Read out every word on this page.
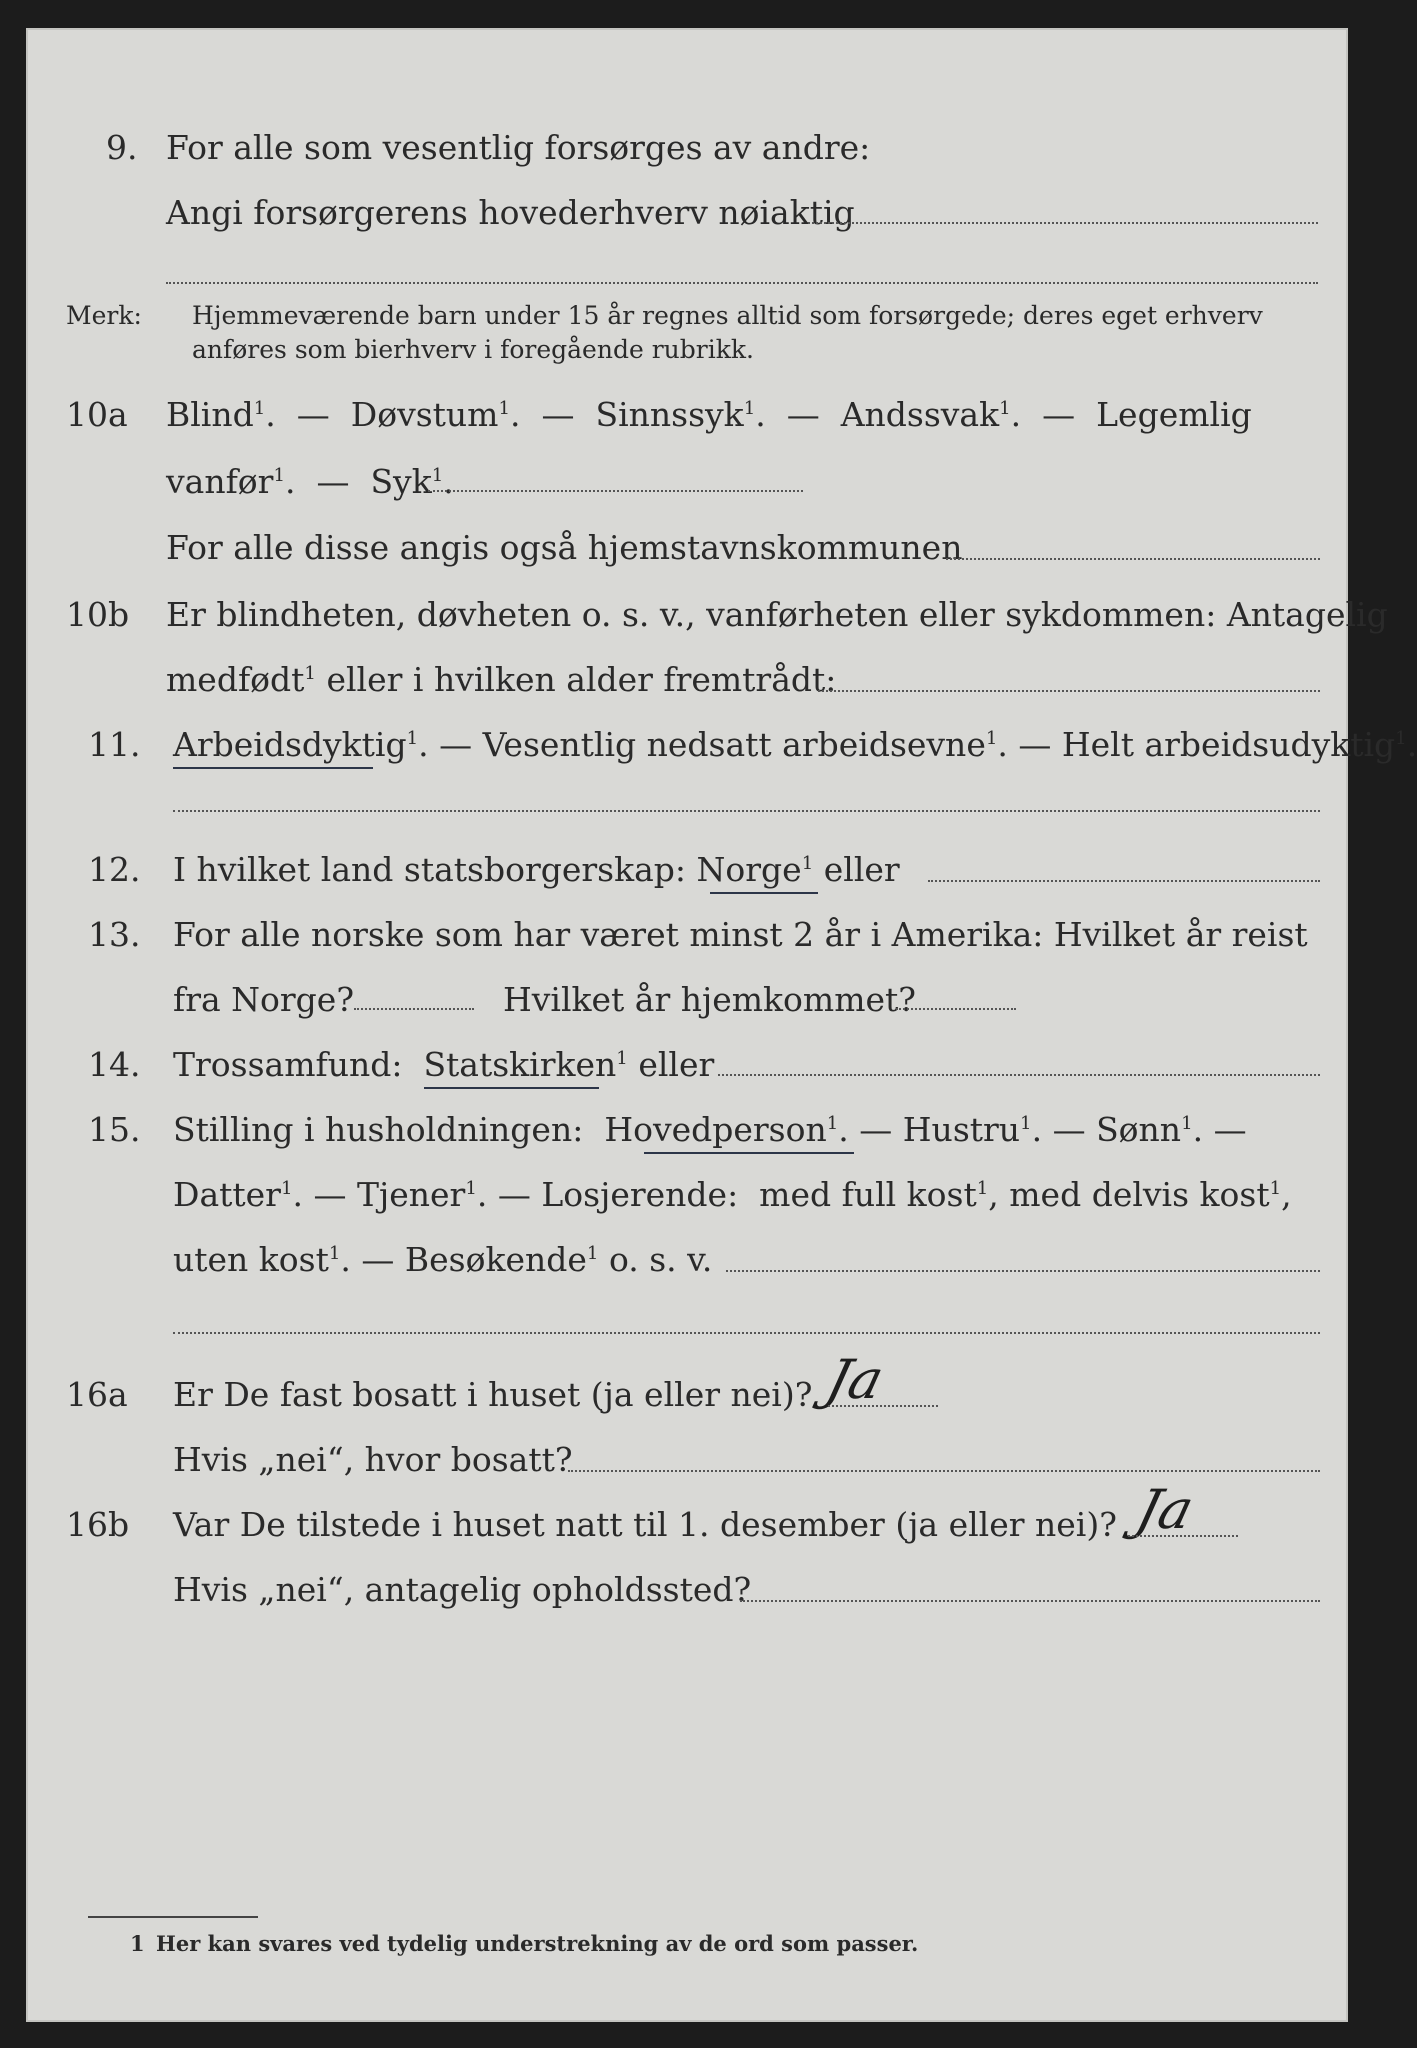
9. For alle som vesentlig forsørges av andre:
Angi forsørgerens hovederhverv nøiaktig
Merk: Hjemmeværende barn under 15 år regnes alltid som forsørgede; deres eget erhverv
anføres som bierhverv i foregående rubrikk.
10a Blind$^1$.  — Døvstum$^1$.  — Sinnssyk$^1$.  — Andssvak$^1$.  — Legemlig
vanfør$^1$.  — Syk$^1$.
For alle disse angis også hjemstavnskommunen
10b Er blindheten, døvheten o. s. v., vanførheten eller sykdommen: Antagelig
medfødt$^1$ eller i hvilken alder fremtrådt:
11. Arbeidsdyktig$^1$. — Vesentlig nedsatt arbeidsevne$^1$. — Helt arbeidsudyktig$^1$.
12. I hvilket land statsborgerskap: Norge$^1$ eller
13. For alle norske som har været minst 2 år i Amerika: Hvilket år reist
fra Norge?	Hvilket år hjemkommet?
14. Trossamfund: Statskirken$^1$ eller
15. Stilling i husholdningen: Hovedperson$^1$. — Hustru$^1$. — Sønn$^1$. —
Datter$^1$. — Tjener$^1$. — Losjerende: med full kost$^1$, med delvis kost$^1$,
uten kost$^1$. — Besøkende$^1$ o. s. v.
16a Er De fast bosatt i huset (ja eller nei)? Ja
Hvis „nei“, hvor bosatt?
16b Var De tilstede i huset natt til 1. desember (ja eller nei)? Ja
Hvis „nei“, antagelig opholdssted?
1 Her kan svares ved tydelig understrekning av de ord som passer.
